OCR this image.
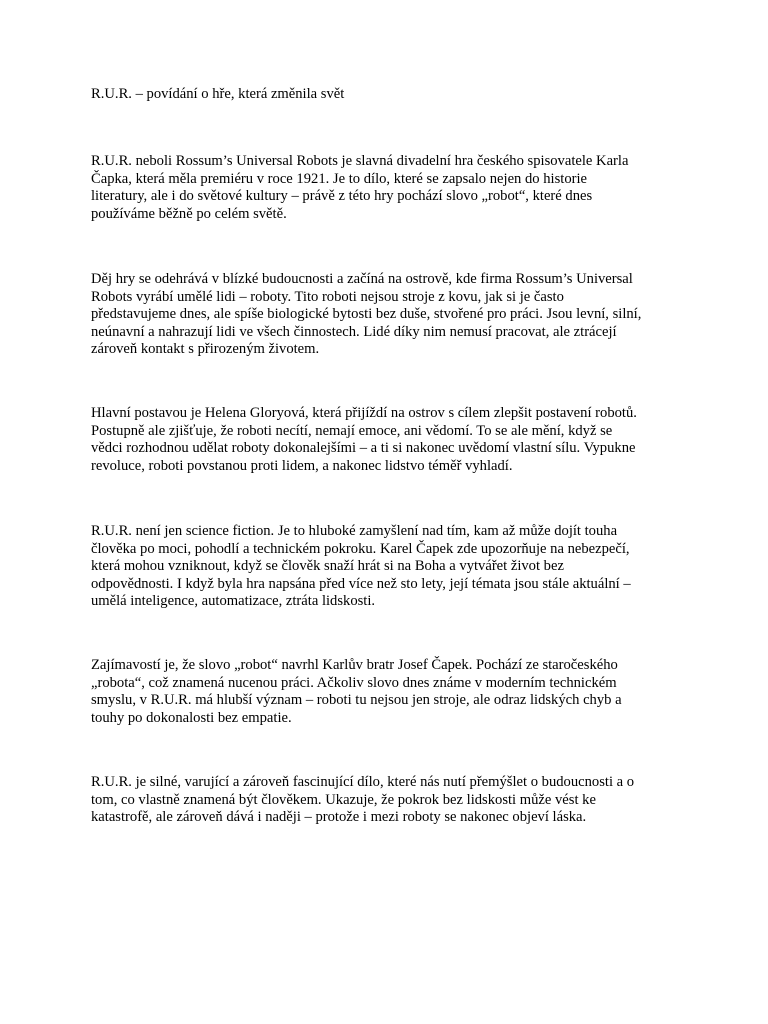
R.U.R. – povídání o hře, která změnila svět

R.U.R. neboli Rossum’s Universal Robots je slavná divadelní hra českého spisovatele Karla
Čapka, která měla premiéru v roce 1921. Je to dílo, které se zapsalo nejen do historie
literatury, ale i do světové kultury – právě z této hry pochází slovo „robot“, které dnes
používáme běžně po celém světě.

Děj hry se odehrává v blízké budoucnosti a začíná na ostrově, kde firma Rossum’s Universal
Robots vyrábí umělé lidi – roboty. Tito roboti nejsou stroje z kovu, jak si je často
představujeme dnes, ale spíše biologické bytosti bez duše, stvořené pro práci. Jsou levní, silní,
neúnavní a nahrazují lidi ve všech činnostech. Lidé díky nim nemusí pracovat, ale ztrácejí
zároveň kontakt s přirozeným životem.

Hlavní postavou je Helena Gloryová, která přijíždí na ostrov s cílem zlepšit postavení robotů.
Postupně ale zjišťuje, že roboti necítí, nemají emoce, ani vědomí. To se ale mění, když se
vědci rozhodnou udělat roboty dokonalejšími – a ti si nakonec uvědomí vlastní sílu. Vypukne
revoluce, roboti povstanou proti lidem, a nakonec lidstvo téměř vyhladí.

R.U.R. není jen science fiction. Je to hluboké zamyšlení nad tím, kam až může dojít touha
člověka po moci, pohodlí a technickém pokroku. Karel Čapek zde upozorňuje na nebezpečí,
která mohou vzniknout, když se člověk snaží hrát si na Boha a vytvářet život bez
odpovědnosti. I když byla hra napsána před více než sto lety, její témata jsou stále aktuální –
umělá inteligence, automatizace, ztráta lidskosti.

Zajímavostí je, že slovo „robot“ navrhl Karlův bratr Josef Čapek. Pochází ze staročeského
„robota“, což znamená nucenou práci. Ačkoliv slovo dnes známe v moderním technickém
smyslu, v R.U.R. má hlubší význam – roboti tu nejsou jen stroje, ale odraz lidských chyb a
touhy po dokonalosti bez empatie.

R.U.R. je silné, varující a zároveň fascinující dílo, které nás nutí přemýšlet o budoucnosti a o
tom, co vlastně znamená být člověkem. Ukazuje, že pokrok bez lidskosti může vést ke
katastrofě, ale zároveň dává i naději – protože i mezi roboty se nakonec objeví láska.
